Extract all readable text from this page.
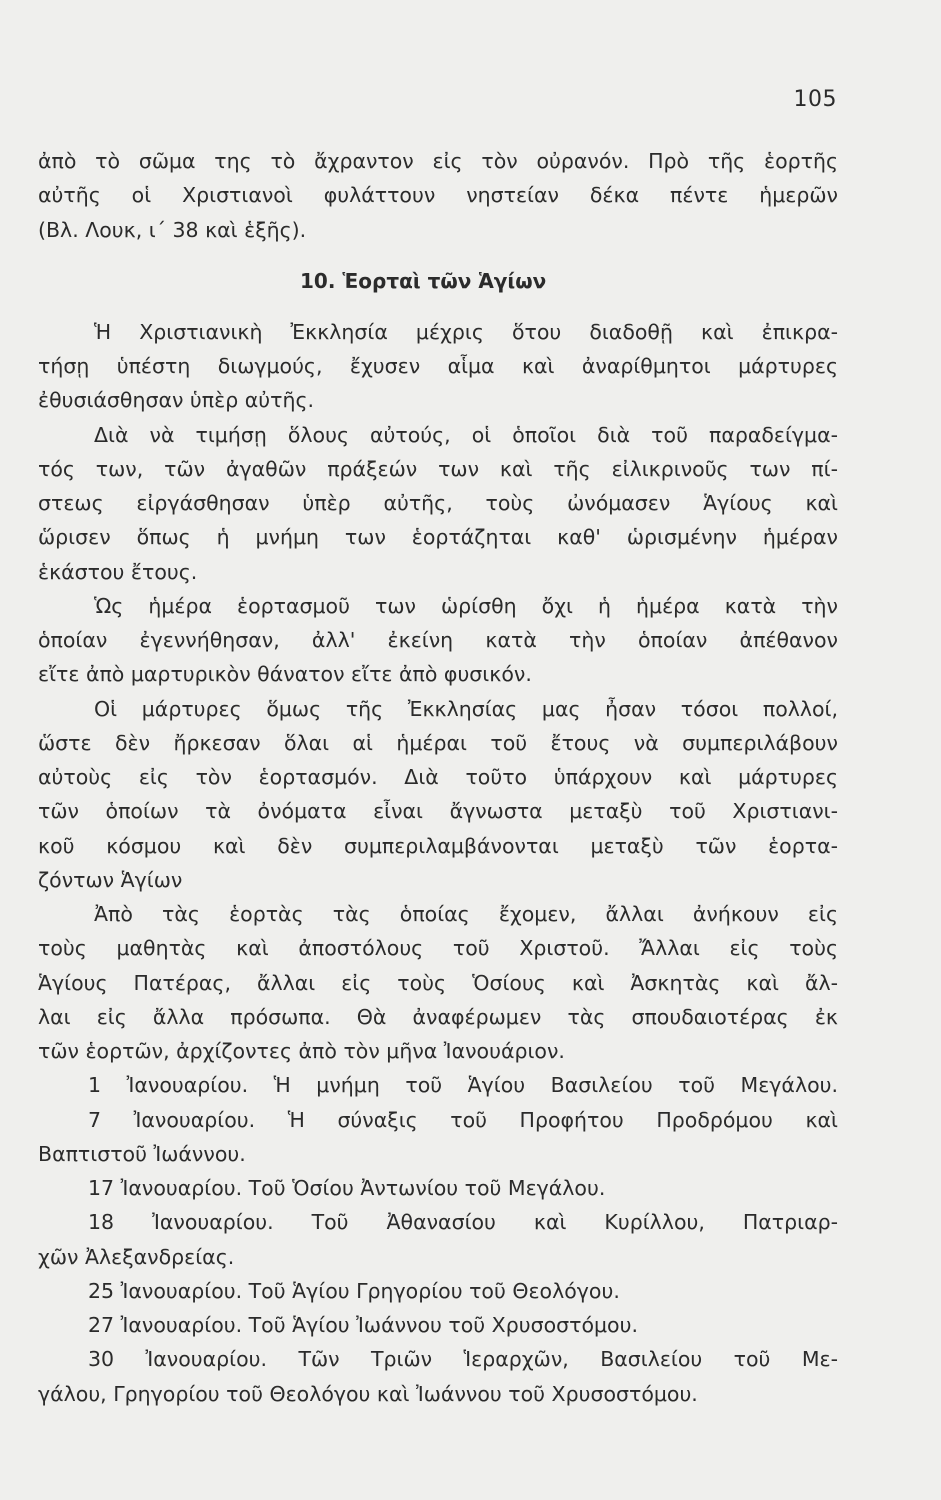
105
ἀπὸ τὸ σῶμα της τὸ ἄχραντον εἰς τὸν οὐρανόν. Πρὸ τῆς ἑορτῆς
αὐτῆς οἱ Χριστιανοὶ φυλάττουν νηστείαν δέκα πέντε ἡμερῶν
(Βλ. Λουκ, ι΄ 38 καὶ ἑξῆς).
10. Ἑορταὶ τῶν Ἁγίων
Ἡ Χριστιανικὴ Ἐκκλησία μέχρις ὅτου διαδοθῇ καὶ ἐπικρα-
τήσῃ ὑπέστη διωγμούς, ἔχυσεν αἷμα καὶ ἀναρίθμητοι μάρτυρες
ἐθυσιάσθησαν ὑπὲρ αὐτῆς.
Διὰ νὰ τιμήσῃ ὅλους αὐτούς, οἱ ὁποῖοι διὰ τοῦ παραδείγμα-
τός των, τῶν ἀγαθῶν πράξεών των καὶ τῆς εἰλικρινοῦς των πί-
στεως εἰργάσθησαν ὑπὲρ αὐτῆς, τοὺς ὠνόμασεν Ἁγίους καὶ
ὥρισεν ὅπως ἡ μνήμη των ἑορτάζηται καθ' ὡρισμένην ἡμέραν
ἑκάστου ἔτους.
Ὡς ἡμέρα ἑορτασμοῦ των ὡρίσθη ὄχι ἡ ἡμέρα κατὰ τὴν
ὁποίαν ἐγεννήθησαν, ἀλλ' ἐκείνη κατὰ τὴν ὁποίαν ἀπέθανον
εἴτε ἀπὸ μαρτυρικὸν θάνατον εἴτε ἀπὸ φυσικόν.
Οἱ μάρτυρες ὅμως τῆς Ἐκκλησίας μας ἦσαν τόσοι πολλοί,
ὥστε δὲν ἤρκεσαν ὅλαι αἱ ἡμέραι τοῦ ἔτους νὰ συμπεριλάβουν
αὐτοὺς εἰς τὸν ἑορτασμόν. Διὰ τοῦτο ὑπάρχουν καὶ μάρτυρες
τῶν ὁποίων τὰ ὀνόματα εἶναι ἄγνωστα μεταξὺ τοῦ Χριστιανι-
κοῦ κόσμου καὶ δὲν συμπεριλαμβάνονται μεταξὺ τῶν ἑορτα-
ζόντων Ἁγίων
Ἀπὸ τὰς ἑορτὰς τὰς ὁποίας ἔχομεν, ἄλλαι ἀνήκουν εἰς
τοὺς μαθητὰς καὶ ἀποστόλους τοῦ Χριστοῦ. Ἄλλαι εἰς τοὺς
Ἁγίους Πατέρας, ἄλλαι εἰς τοὺς Ὁσίους καὶ Ἀσκητὰς καὶ ἄλ-
λαι εἰς ἄλλα πρόσωπα. Θὰ ἀναφέρωμεν τὰς σπουδαιοτέρας ἐκ
τῶν ἑορτῶν, ἀρχίζοντες ἀπὸ τὸν μῆνα Ἰανουάριον.
1 Ἰανουαρίου. Ἡ μνήμη τοῦ Ἁγίου Βασιλείου τοῦ Μεγάλου.
7 Ἰανουαρίου. Ἡ σύναξις τοῦ Προφήτου Προδρόμου καὶ
Βαπτιστοῦ Ἰωάννου.
17 Ἰανουαρίου. Τοῦ Ὁσίου Ἀντωνίου τοῦ Μεγάλου.
18 Ἰανουαρίου. Τοῦ Ἀθανασίου καὶ Κυρίλλου, Πατριαρ-
χῶν Ἀλεξανδρείας.
25 Ἰανουαρίου. Τοῦ Ἁγίου Γρηγορίου τοῦ Θεολόγου.
27 Ἰανουαρίου. Τοῦ Ἁγίου Ἰωάννου τοῦ Χρυσοστόμου.
30 Ἰανουαρίου. Τῶν Τριῶν Ἱεραρχῶν, Βασιλείου τοῦ Με-
γάλου, Γρηγορίου τοῦ Θεολόγου καὶ Ἰωάννου τοῦ Χρυσοστόμου.
